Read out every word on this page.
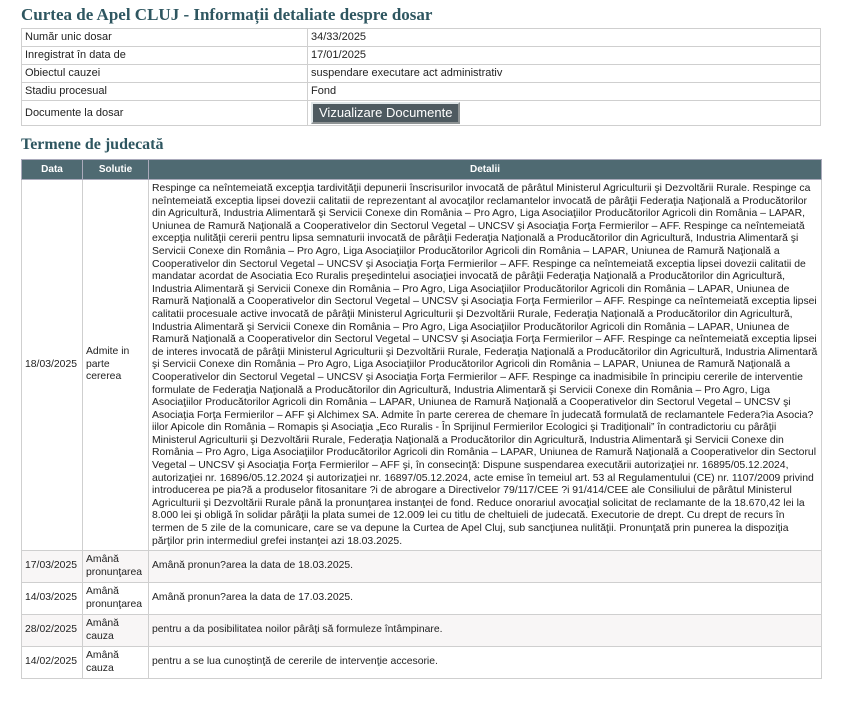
Curtea de Apel CLUJ - Informații detaliate despre dosar
Număr unic dosar	34/33/2025
Inregistrat în data de	17/01/2025
Obiectul cauzei	suspendare executare act administrativ
Stadiu procesual	Fond
Documente la dosar	Vizualizare Documente
Termene de judecată
Data	Solutie	Detalii
18/03/2025	Admite in parte cererea	Respinge ca neîntemeiată excepţia tardivităţii depunerii înscrisurilor invocată de pârâtul Ministerul Agriculturii şi Dezvoltării Rurale. Respinge ca neîntemeiată exceptia lipsei dovezii calitatii de reprezentant al avocaţilor reclamantelor invocată de pârâţii Federaţia Naţională a Producătorilor din Agricultură, Industria Alimentară şi Servicii Conexe din România – Pro Agro, Liga Asociaţiilor Producătorilor Agricoli din România – LAPAR, Uniunea de Ramură Naţională a Cooperativelor din Sectorul Vegetal – UNCSV şi Asociaţia Forţa Fermierilor – AFF. Respinge ca neîntemeiată excepţia nulităţii cererii pentru lipsa semnaturii invocată de pârâţii Federaţia Naţională a Producătorilor din Agricultură, Industria Alimentară şi Servicii Conexe din România – Pro Agro, Liga Asociaţiilor Producătorilor Agricoli din România – LAPAR, Uniunea de Ramură Naţională a Cooperativelor din Sectorul Vegetal – UNCSV şi Asociaţia Forţa Fermierilor – AFF. Respinge ca neîntemeiată exceptia lipsei dovezii calitatii de mandatar acordat de Asociatia Eco Ruralis preşedintelui asociaţiei invocată de pârâţii Federaţia Naţională a Producătorilor din Agricultură, Industria Alimentară şi Servicii Conexe din România – Pro Agro, Liga Asociaţiilor Producătorilor Agricoli din România – LAPAR, Uniunea de Ramură Naţională a Cooperativelor din Sectorul Vegetal – UNCSV şi Asociaţia Forţa Fermierilor – AFF. Respinge ca neîntemeiată exceptia lipsei calitatii procesuale active invocată de pârâţii Ministerul Agriculturii şi Dezvoltării Rurale, Federaţia Naţională a Producătorilor din Agricultură, Industria Alimentară şi Servicii Conexe din România – Pro Agro, Liga Asociaţiilor Producătorilor Agricoli din România – LAPAR, Uniunea de Ramură Naţională a Cooperativelor din Sectorul Vegetal – UNCSV şi Asociaţia Forţa Fermierilor – AFF. Respinge ca neîntemeiată exceptia lipsei de interes invocată de pârâţii Ministerul Agriculturii şi Dezvoltării Rurale, Federaţia Naţională a Producătorilor din Agricultură, Industria Alimentară şi Servicii Conexe din România – Pro Agro, Liga Asociaţiilor Producătorilor Agricoli din România – LAPAR, Uniunea de Ramură Naţională a Cooperativelor din Sectorul Vegetal – UNCSV şi Asociaţia Forţa Fermierilor – AFF. Respinge ca inadmisibile în principiu cererile de interventie formulate de Federaţia Naţională a Producătorilor din Agricultură, Industria Alimentară şi Servicii Conexe din România – Pro Agro, Liga Asociaţiilor Producătorilor Agricoli din România – LAPAR, Uniunea de Ramură Naţională a Cooperativelor din Sectorul Vegetal – UNCSV şi Asociaţia Forţa Fermierilor – AFF şi Alchimex SA. Admite în parte cererea de chemare în judecată formulată de reclamantele Federa?ia Asocia?iilor Apicole din România – Romapis şi Asociaţia „Eco Ruralis - În Sprijinul Fermierilor Ecologici şi Tradiţionali” în contradictoriu cu pârâţii Ministerul Agriculturii şi Dezvoltării Rurale, Federaţia Naţională a Producătorilor din Agricultură, Industria Alimentară şi Servicii Conexe din România – Pro Agro, Liga Asociaţiilor Producătorilor Agricoli din România – LAPAR, Uniunea de Ramură Naţională a Cooperativelor din Sectorul Vegetal – UNCSV şi Asociaţia Forţa Fermierilor – AFF şi, în consecinţă: Dispune suspendarea executării autorizaţiei nr. 16895/05.12.2024, autorizaţiei nr. 16896/05.12.2024 şi autorizaţiei nr. 16897/05.12.2024, acte emise în temeiul art. 53 al Regulamentului (CE) nr. 1107/2009 privind introducerea pe pia?ă a produselor fitosanitare ?i de abrogare a Directivelor 79/117/CEE ?i 91/414/CEE ale Consiliului de pârâtul Ministerul Agriculturii şi Dezvoltării Rurale până la pronunţarea instanţei de fond. Reduce onorariul avocaţial solicitat de reclamante de la 18.670,42 lei la 8.000 lei şi obligă în solidar pârâţii la plata sumei de 12.009 lei cu titlu de cheltuieli de judecată. Executorie de drept. Cu drept de recurs în termen de 5 zile de la comunicare, care se va depune la Curtea de Apel Cluj, sub sancţiunea nulităţii. Pronunţată prin punerea la dispoziţia părţilor prin intermediul grefei instanţei azi 18.03.2025.
17/03/2025	Amână pronunţarea	Amână pronun?area la data de 18.03.2025.
14/03/2025	Amână pronunţarea	Amână pronun?area la data de 17.03.2025.
28/02/2025	Amână cauza	pentru a da posibilitatea noilor pârâţi să formuleze întâmpinare.
14/02/2025	Amână cauza	pentru a se lua cunoştinţă de cererile de intervenţie accesorie.
